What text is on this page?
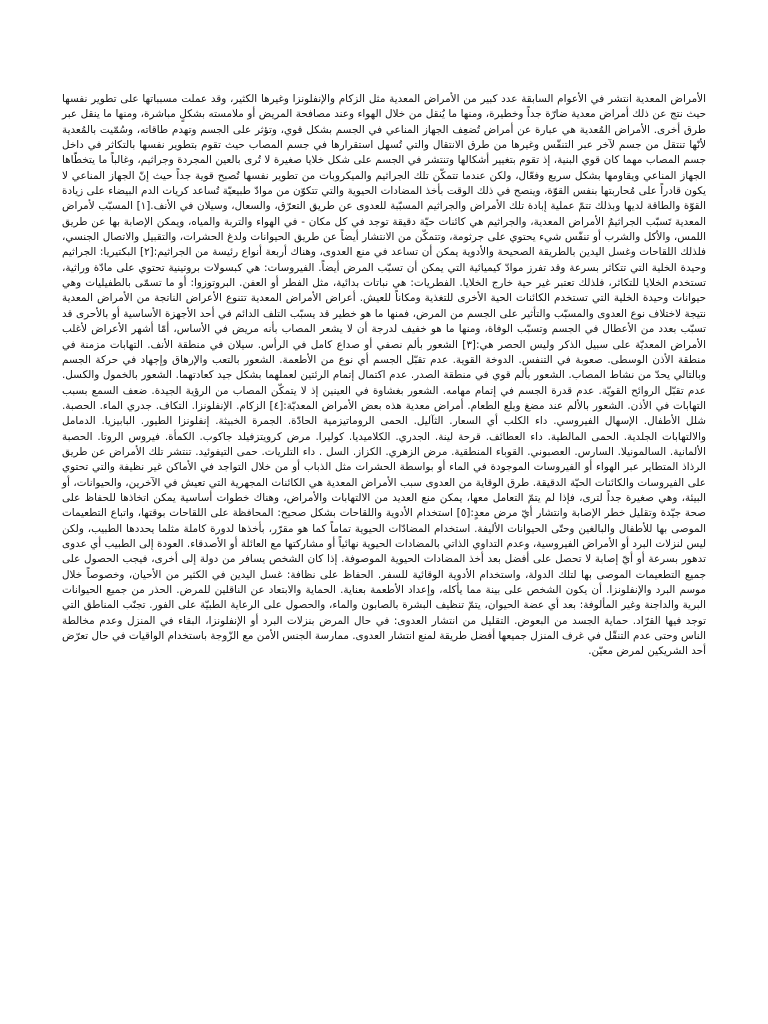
الأمراض المعدية انتشر في الأعوام السابقة عدد كبير من الأمراض المعدية مثل الزكام والإنفلونزا وغيرها الكثير، وقد عملت مسبباتها على تطوير نفسها حيث نتج عن ذلك أمراض معدية ضارّة جداً وخطيرة، ومنها ما يُنقل من خلال الهواء وعند مصافحة المريض أو ملامسته بشكلٍ مباشرة، ومنها ما ينقل عبر طرق أخرى. الأمراض المُعدية هي عبارة عن أمراض تُضعِف الجهاز المناعي في الجسم بشكل قوي، وتؤثر على الجسم وتهدم طاقاته، وسُمّيت بالمُعدية لأنّها تنتقل من جسم لآخر عبر التنفّس وغيرها من طرق الانتقال والتي تُسهل استقرارها في جسم المصاب حيث تقوم بتطوير نفسها بالتكاثر في داخل جسم المصاب مهما كان قوي البنية، إذ تقوم بتغيير أشكالها وتنتشر في الجسم على شكل خلايا صغيرة لا تُرى بالعين المجردة وجراثيم، وغالباً ما يتخطّاها الجهاز المناعي ويقاومها بشكل سريع وفعّال، ولكن عندما تتمكّن تلك الجراثيم والميكروبات من تطوير نفسها تُصبح قوية جداً حيث إنّ الجهاز المناعي لا يكون قادراً على مُحاربتها بنفس القوّة، وينصح في ذلك الوقت بأخذ المضادات الحيوية والتي تتكوّن من موادّ طبيعيّة تُساعد كريات الدم البيضاء على زيادة القوّة والطاقة لديها وبذلك تتمّ عملية إبادة تلك الأمراض والجراثيم المسبّبة للعدوى عن طريق التعرّق، والسعال، وسيلان في الأنف.[١] المسبّب لأمراض المعدية تَسبّب الجراثيمُ الأمراض المعدية، والجراثيم هي كائنات حيّة دقيقة توجد في كل مكان - في الهواء والتربة والمياه، ويمكن الإصابة بها عن طريق اللمس، والأكل والشرب أو تنفّس شيء يحتوي على جرثومة، وتتمكّن من الانتشار أيضاً عن طريق الحيوانات ولدغ الحشرات، والتقبيل والاتصال الجنسي، فلذلك اللقاحات وغسل اليدين بالطريقة الصحيحة والأدوية يمكن أن تساعد في منع العدوى، وهناك أربعة أنواع رئيسة من الجراثيم:[٢] البكتيريا: الجراثيم وحيدة الخلية التي تتكاثر بسرعة وقد تفرز موادّ كيميائية التي يمكن أن تسبّب المرض أيضاً. الفيروسات: هي كبسولات بروتينية تحتوي على مادّة وراثية، تستخدم الخلايا للتكاثر، فلذلك تعتبر غير حية خارج الخلايا. الفطريات: هي نباتات بدائية، مثل الفطر أو العفن. البروتوزوا: أو ما تسمّى بالطفيليات وهي حيوانات وحيدة الخلية التي تستخدم الكائنات الحية الأخرى للتغذية ومكاناً للعيش. أعراض الأمراض المعدية تتنوع الأعراض الناتجة من الأمراض المعدية نتيجة لاختلاف نوع العدوى والمسبّب والتأثير على الجسم من المرض، فمنها ما هو خطير قد يسبّب التلف الدائم في أحد الأجهزة الأساسية أو بالأحرى قد تسبّب بعدد من الأعطال في الجسم وتسبّب الوفاة، ومنها ما هو خفيف لدرجة أن لا يشعر المصاب بأنه مريض في الأساس، أمّا أشهر الأعراض لأغلب الأمراض المعديّة على سبيل الذكر وليس الحصر هي:[٣] الشعور بألم نصفي أو صداع كامل في الرأس. سيلان في منطقة الأنف. التهابات مزمنة في منطقة الأذن الوسطى. صعوبة في التنفس. الدوخة القوية. عدم تقبّل الجسم أي نوع من الأطعمة. الشعور بالتعب والإرهاق وإجهاد في حركة الجسم وبالتالي يحدّ من نشاط المصاب. الشعور بألم قوي في منطقة الصدر. عدم اكتمال إتمام الرئتين لعملهما بشكل جيد كعادتهما. الشعور بالخمول والكسل. عدم تقبّل الروائح القويّة. عدم قدرة الجسم في إتمام مهامه. الشعور بغشاوة في العينين إذ لا يتمكّن المصاب من الرؤية الجيدة. ضعف السمع بسبب التهابات في الأذن. الشعور بالألم عند مضغ وبلع الطعام. أمراض معدية هذه بعض الأمراض المعديّة:[٤] الزكام. الإنفلونزا. التكاف. جدري الماء. الحصبة. شلل الأطفال. الإسهال الفيروسي. داء الكلب أي السعار. الثآليل. الحمى الروماتيزمية الحادّة. الجمرة الخبيثة. إنفلونزا الطيور. البابيزيا. الدمامل والالتهابات الجلدية. الحمى المالطية. داء العطائف. قرحة لينة. الجدري. الكلاميديا. كوليرا. مرض كرويتزفيلد جاكوب. الكمأة. فيروس الروتا. الحصبة الألمانية. السالمونيلا. السارس. العصبوني. القوباء المنطقية. مرض الزهري. الكزاز. السل . داء التلريات. حمى التيفوئيد. تنتشر تلك الأمراض عن طريق الرذاذ المتطاير عبر الهواء أو الفيروسات الموجودة في الماء أو بواسطة الحشرات مثل الذباب أو من خلال التواجد في الأماكن غير نظيفة والتي تحتوي على الفيروسات والكائنات الحيّة الدقيقة. طرق الوقاية من العدوى سبب الأمراض المعدية هي الكائنات المجهرية التي تعيش في الآخرين، والحيوانات، أو البيئة، وهي صغيرة جداً لترى، فإذا لم يتمّ التعامل معها، يمكن منع العديد من الالتهابات والأمراض، وهناك خطوات أساسية يمكن اتخاذها للحفاظ على صحة جيّدة وتقليل خطر الإصابة وانتشار أيّ مرض معدٍ:[٥] استخدام الأدوية واللقاحات بشكل صحيح: المحافظة على اللقاحات بوقتها، واتباع التطعيمات الموصى بها للأطفال والبالغين وحتّى الحيوانات الأليفة. استخدام المضادّات الحيوية تماماً كما هو مقرّر، بأخذها لدورة كاملة مثلما يحددها الطبيب، ولكن ليس لنزلات البرد أو الأمراض الفيروسية، وعدم التداوي الذاتي بالمضادات الحيوية نهائياً أو مشاركتها مع العائلة أو الأصدقاء. العودة إلى الطبيب أي عدوى تدهور بسرعة أو أيّ إصابة لا تحصل على أفضل بعد أخذ المضادات الحيوية الموصوفة. إذا كان الشخص يسافر من دولة إلى أخرى، فيجب الحصول على جميع التطعيمات الموصى بها لتلك الدولة، واستخدام الأدوية الوقائية للسفر. الحفاظ على نظافة: غسل اليدين في الكثير من الأحيان، وخصوصاً خلال موسم البرد والإنفلونزا. أن يكون الشخص على بينة مما يأكله، وإعداد الأطعمة بعناية. الحماية والابتعاد عن الناقلين للمرض. الحذر من جميع الحيوانات البرية والداجنة وغير المألوفة: بعد أي عضة الحيوان، يتمّ تنظيف البشرة بالصابون والماء، والحصول على الرعاية الطبيّة على الفور. تجنّب المناطق التي توجد فيها القرّاد. حماية الجسد من البعوض. التقليل من انتشار العدوى: في حال المرض بنزلات البرد أو الإنفلونزا، البقاء في المنزل وعدم مخالطة الناس وحتى عدم التنقّل في غرف المنزل جميعها أفضل طريقة لمنع انتشار العدوى. ممارسة الجنس الأمن مع الزّوجة باستخدام الواقيات في حال تعرّض أحد الشريكين لمرض معيّن.
